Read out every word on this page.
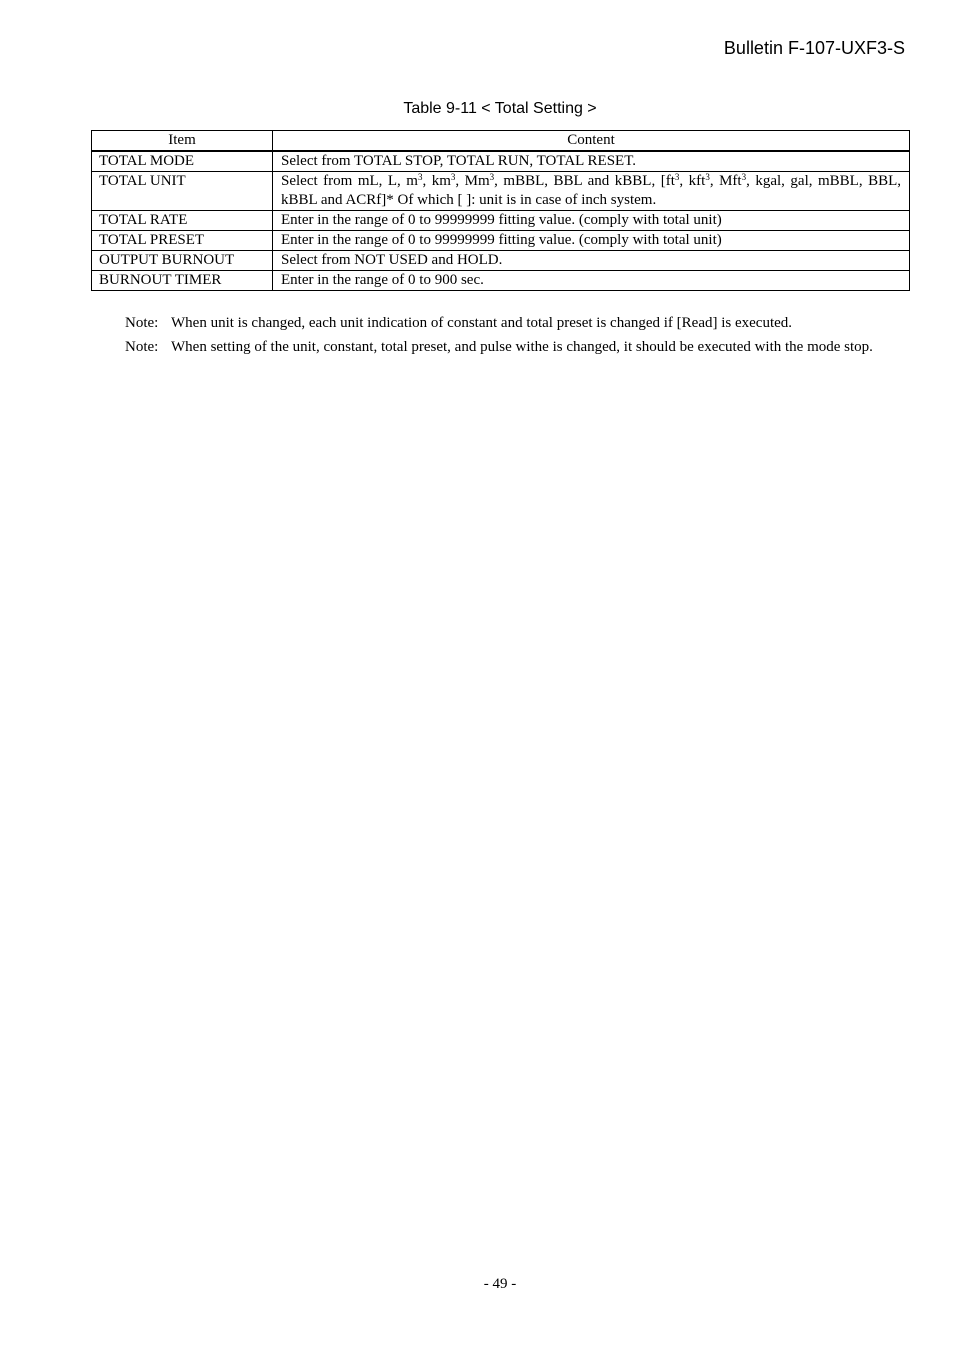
Bulletin F-107-UXF3-S
Table 9-11 < Total Setting >
Item	Content
TOTAL MODE	Select from TOTAL STOP, TOTAL RUN, TOTAL RESET.
TOTAL UNIT	Select from mL, L, $m^3$, $km^3$, Mm$^3$, mBBL, BBL and kBBL, [$ft^3$, kft$^3$, Mft$^3$, kgal, gal, mBBL, BBL, kBBL and ACRf]* Of which [ ]: unit is in case of inch system.
TOTAL RATE	Enter in the range of 0 to 99999999 fitting value. (comply with total unit)
TOTAL PRESET	Enter in the range of 0 to 99999999 fitting value. (comply with total unit)
OUTPUT BURNOUT	Select from NOT USED and HOLD.
BURNOUT TIMER	Enter in the range of 0 to 900 sec.
Note: When unit is changed, each unit indication of constant and total preset is changed if [Read] is executed.
Note: When setting of the unit, constant, total preset, and pulse withe is changed, it should be executed with the mode stop.
- 49 -
